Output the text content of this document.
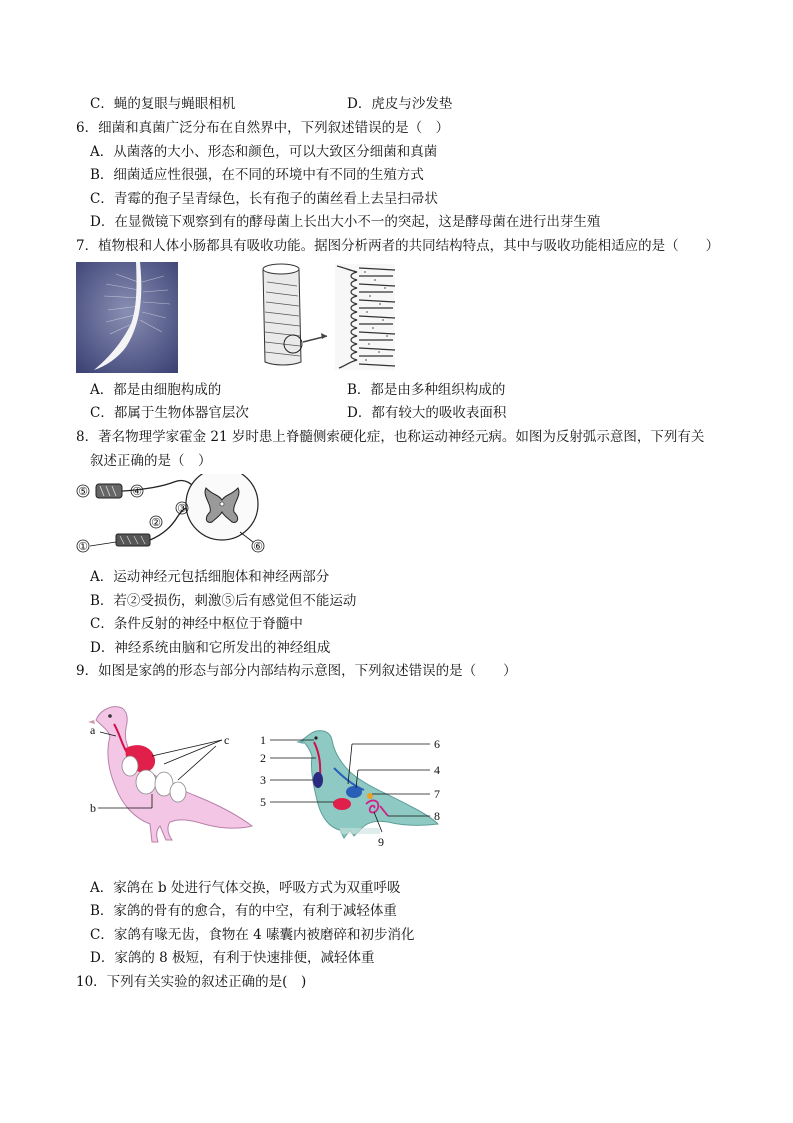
C．蝇的复眼与蝇眼相机	D．虎皮与沙发垫
6．细菌和真菌广泛分布在自然界中，下列叙述错误的是（　）
A．从菌落的大小、形态和颜色，可以大致区分细菌和真菌
B．细菌适应性很强，在不同的环境中有不同的生殖方式
C．青霉的孢子呈青绿色，长有孢子的菌丝看上去呈扫帚状
D．在显微镜下观察到有的酵母菌上长出大小不一的突起，这是酵母菌在进行出芽生殖
7．植物根和人体小肠都具有吸收功能。据图分析两者的共同结构特点，其中与吸收功能相适应的是（　　）
A．都是由细胞构成的	B．都是由多种组织构成的
C．都属于生物体器官层次	D．都有较大的吸收表面积
8．著名物理学家霍金 21 岁时患上脊髓侧索硬化症，也称运动神经元病。如图为反射弧示意图，下列有关
叙述正确的是（　）
⑤	④
③
②
①	⑥
A．运动神经元包括细胞体和神经两部分
B．若②受损伤，刺激⑤后有感觉但不能运动
C．条件反射的神经中枢位于脊髓中
D．神经系统由脑和它所发出的神经组成
9．如图是家鸽的形态与部分内部结构示意图，下列叙述错误的是（　　）
a
b
c	1
2
3
5
6
4
7
8
9
A．家鸽在 b 处进行气体交换，呼吸方式为双重呼吸
B．家鸽的骨有的愈合，有的中空，有利于减轻体重
C．家鸽有喙无齿，食物在 4 嗉囊内被磨碎和初步消化
D．家鸽的 8 极短，有利于快速排便，减轻体重
10．下列有关实验的叙述正确的是(　)
